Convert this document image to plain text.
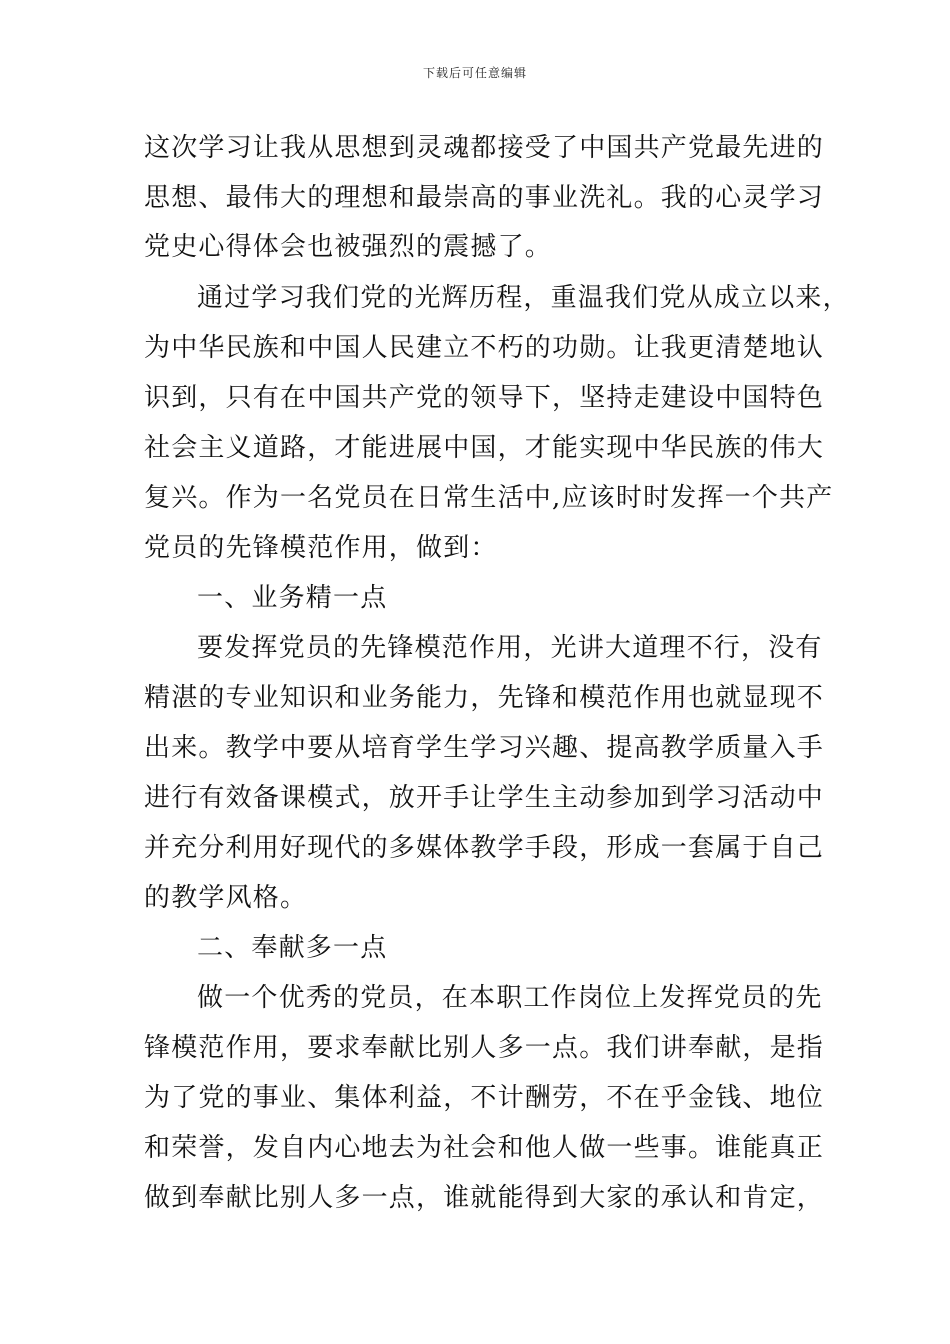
下载后可任意编辑
这次学习让我从思想到灵魂都接受了中国共产党最先进的
思想、最伟大的理想和最崇高的事业洗礼。我的心灵学习
党史心得体会也被强烈的震撼了。
通过学习我们党的光辉历程，重温我们党从成立以来，
为中华民族和中国人民建立不朽的功勋。让我更清楚地认
识到，只有在中国共产党的领导下，坚持走建设中国特色
社会主义道路，才能进展中国，才能实现中华民族的伟大
复兴。作为一名党员在日常生活中,应该时时发挥一个共产
党员的先锋模范作用，做到：
一、业务精一点
要发挥党员的先锋模范作用，光讲大道理不行，没有
精湛的专业知识和业务能力，先锋和模范作用也就显现不
出来。教学中要从培育学生学习兴趣、提高教学质量入手
进行有效备课模式，放开手让学生主动参加到学习活动中
并充分利用好现代的多媒体教学手段，形成一套属于自己
的教学风格。
二、奉献多一点
做一个优秀的党员，在本职工作岗位上发挥党员的先
锋模范作用，要求奉献比别人多一点。我们讲奉献，是指
为了党的事业、集体利益，不计酬劳，不在乎金钱、地位
和荣誉，发自内心地去为社会和他人做一些事。谁能真正
做到奉献比别人多一点，谁就能得到大家的承认和肯定，
